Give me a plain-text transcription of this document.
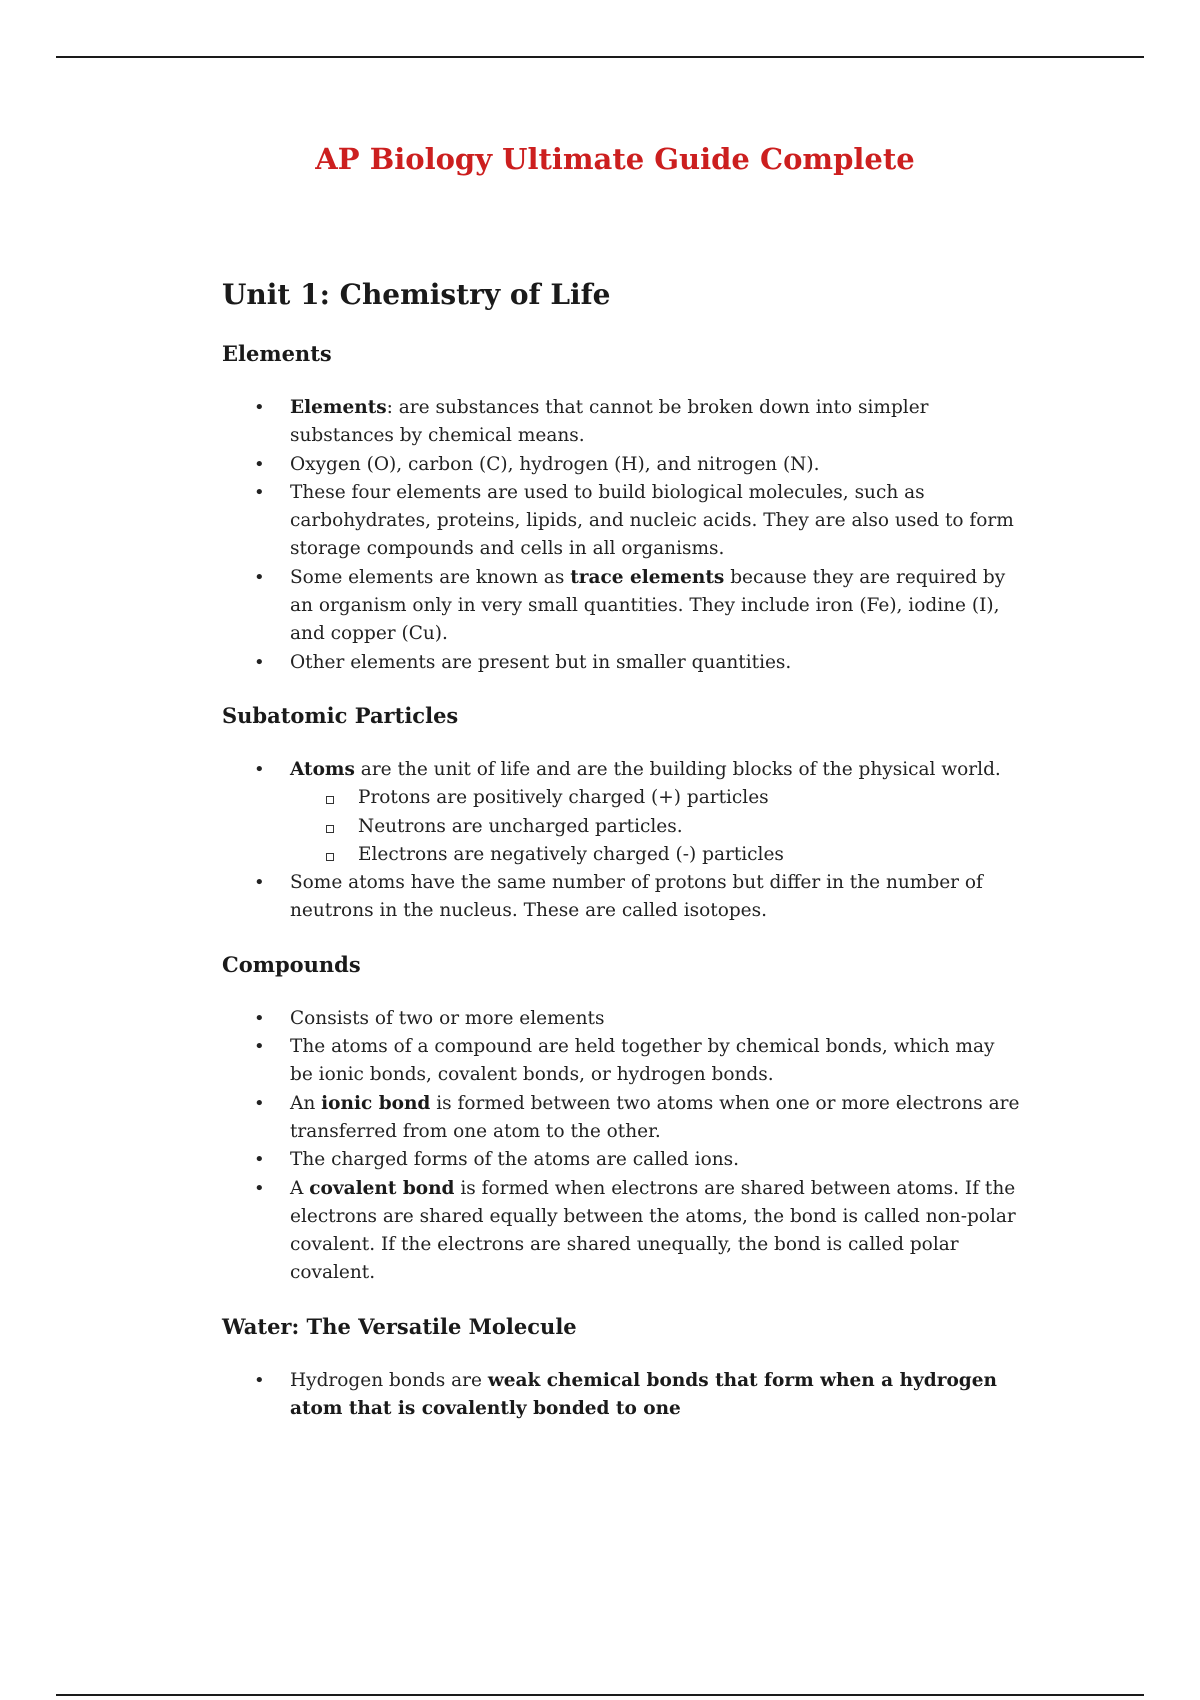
AP Biology Ultimate Guide Complete
Unit 1: Chemistry of Life
Elements
• Elements: are substances that cannot be broken down into simpler substances by chemical means.
• Oxygen (O), carbon (C), hydrogen (H), and nitrogen (N).
• These four elements are used to build biological molecules, such as carbohydrates, proteins, lipids, and nucleic acids. They are also used to form storage compounds and cells in all organisms.
• Some elements are known as trace elements because they are required by an organism only in very small quantities. They include iron (Fe), iodine (I), and copper (Cu).
• Other elements are present but in smaller quantities.
Subatomic Particles
• Atoms are the unit of life and are the building blocks of the physical world.
Protons are positively charged (+) particles
Neutrons are uncharged particles.
Electrons are negatively charged (-) particles
• Some atoms have the same number of protons but differ in the number of neutrons in the nucleus. These are called isotopes.
Compounds
• Consists of two or more elements
• The atoms of a compound are held together by chemical bonds, which may be ionic bonds, covalent bonds, or hydrogen bonds.
• An ionic bond is formed between two atoms when one or more electrons are transferred from one atom to the other.
• The charged forms of the atoms are called ions.
• A covalent bond is formed when electrons are shared between atoms. If the electrons are shared equally between the atoms, the bond is called non-polar covalent. If the electrons are shared unequally, the bond is called polar covalent.
Water: The Versatile Molecule
• Hydrogen bonds are weak chemical bonds that form when a hydrogen atom that is covalently bonded to one
